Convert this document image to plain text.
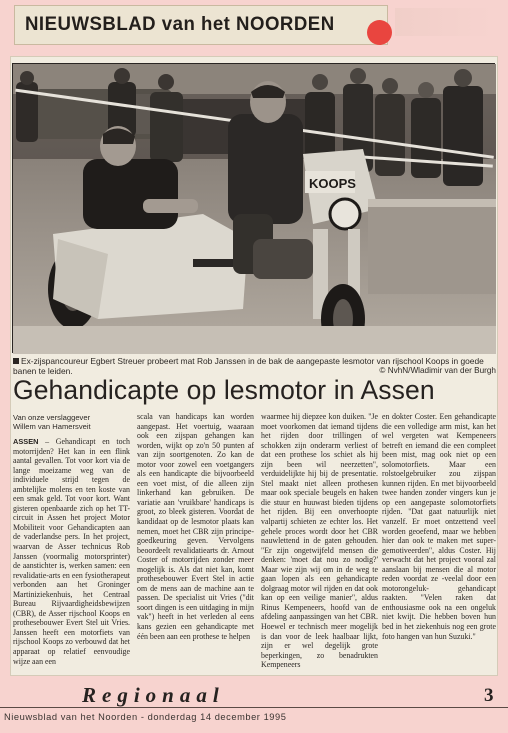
NIEUWSBLAD van het NOORDEN
KOOPS
Ex-zijspancoureur Egbert Streuer probeert mat Rob Janssen in de bak de aangepaste lesmotor van rijschool Koops in goede banen te leiden.	© NvhN/Wladimir van der Burgh
Gehandicapte op lesmotor in Assen
Van onze verslaggever
Willem van Hamersveit
ASSEN – Gehandicapt en toch motorrijden? Het kan in een flink aantal gevallen. Tot voor kort via de lange moeizame weg van de individuele strijd tegen de ambtelijke molens en ten koste van een smak geld. Tot voor kort. Want gisteren openbaarde zich op het TT-circuit in Assen het project Motor Mobiliteit voor Gehandicapten aan de vaderlandse pers. In het project, waarvan de Asser technicus Rob Janssen (voormalig motorsprinter) de aanstichter is, werken samen: een revalidatie-arts en een fysiotherapeut verbonden aan het Groninger Martiniziekenhuis, het Centraal Bureau Rijvaardigheidsbewijzen (CBR), de Asser rijschool Koops en prothesebouwer Evert Stel uit Vries. Janssen heeft een motorfiets van rijschool Koops zo verbouwd dat het apparaat op relatief eenvoudige wijze aan een
scala van handicaps kan worden aangepast. Het voertuig, waaraan ook een zijspan gehangen kan worden, wijkt op zo'n 50 punten af van zijn soortgenoten. Zo kan de motor voor zowel een voetgangers als een handicapte die bijvoorbeeld een voet mist, of die alleen zijn linkerhand kan gebruiken. De variatie aan 'vruikbare' handicaps is groot, zo bleek gisteren. Voordat de kandidaat op de lesmotor plaats kan nemen, moet het CBR zijn principe-goedkeuring geven. Vervolgens beoordeelt revalidatiearts dr. Arnout Coster of motorrijden zonder meer mogelijk is. Als dat niet kan, komt prothesebouwer Evert Stel in actie om de mens aan de machine aan te passen. De specialist uit Vries ("dit soort dingen is een uitdaging in mijn vak") heeft in het verleden al eens kans gezien een gehandicapte met één been aan een prothese te helpen
waarmee hij diepzee kon duiken. "Je moet voorkomen dat iemand tijdens het rijden door trillingen of schokken zijn onderarm verliest of dat een prothese los schiet als hij zijn been wil neerzetten", verduidelijkte hij bij de presentatie. Stel maakt niet alleen prothesen maar ook speciale beugels en haken die stuur en huuwast bieden tijdens het rijden. Bij een onverhoopte valpartij schieten ze echter los. Het gehele proces wordt door het CBR nauwlettend in de gaten gehouden. "Er zijn ongetwijfeld mensen die denken: 'moet dat nou zo nodig?' Maar wie zijn wij om in de weg te gaan lopen als een gehandicapte dolgraag motor wil rijden en dat ook kan op een veilige manier", aldus Rinus Kempeneers, hoofd van de afdeling aanpassingen van het CBR. Hoewel er technisch meer mogelijk is dan voor de leek haalbaar lijkt, zijn er wel degelijk grote beperkingen, zo benadrukten Kempeneers
en dokter Coster. Een gehandicapte die een volledige arm mist, kan het wel vergeten wat Kempeneers betreft en iemand die een compleet been mist, mag ook niet op een solomotorfiets. Maar een rolstoelgebruiker zou zijspan kunnen rijden. En met bijvoorbeeld twee handen zonder vingers kun je op een aangepaste solomotorfiets rijden. "Dat gaat natuurlijk niet vanzelf. Er moet ontzettend veel worden geoefend, maar we hebben hier dan ook te maken met super-gemotiveerden", aldus Coster. Hij verwacht dat het project vooral zal aanslaan bij mensen die al motor reden voordat ze -veelal door een motorongeluk- gehandicapt raakten. "Velen raken dat enthousiasme ook na een ongeluk niet kwijt. Die hebben boven hun bed in het ziekenhuis nog een grote foto hangen van hun Suzuki."
Regionaal	3
Nieuwsblad van het Noorden - donderdag 14 december 1995
